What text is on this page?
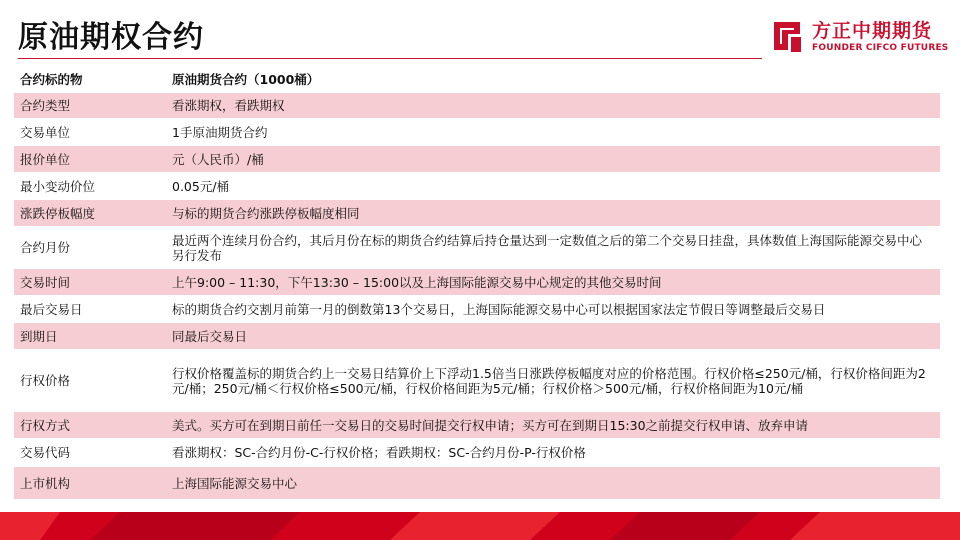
原油期权合约	方正中期期货
FOUNDER CIFCO FUTURES
合约标的物	原油期货合约（1000桶）
合约类型	看涨期权，看跌期权
交易单位	1手原油期货合约
报价单位	元（人民币）/桶
最小变动价位	0.05元/桶
涨跌停板幅度	与标的期货合约涨跌停板幅度相同
合约月份	最近两个连续月份合约，其后月份在标的期货合约结算后持仓量达到一定数值之后的第二个交易日挂盘，具体数值上海国际能源交易中心另行发布
交易时间	上午9:00 – 11:30，下午13:30 – 15:00以及上海国际能源交易中心规定的其他交易时间
最后交易日	标的期货合约交割月前第一月的倒数第13个交易日，上海国际能源交易中心可以根据国家法定节假日等调整最后交易日
到期日	同最后交易日
行权价格	行权价格覆盖标的期货合约上一交易日结算价上下浮动1.5倍当日涨跌停板幅度对应的价格范围。行权价格≤250元/桶，行权价格间距为2元/桶；250元/桶＜行权价格≤500元/桶，行权价格间距为5元/桶；行权价格＞500元/桶，行权价格间距为10元/桶
行权方式	美式。买方可在到期日前任一交易日的交易时间提交行权申请；买方可在到期日15:30之前提交行权申请、放弃申请
交易代码	看涨期权：SC-合约月份-C-行权价格；看跌期权：SC-合约月份-P-行权价格
上市机构	上海国际能源交易中心
